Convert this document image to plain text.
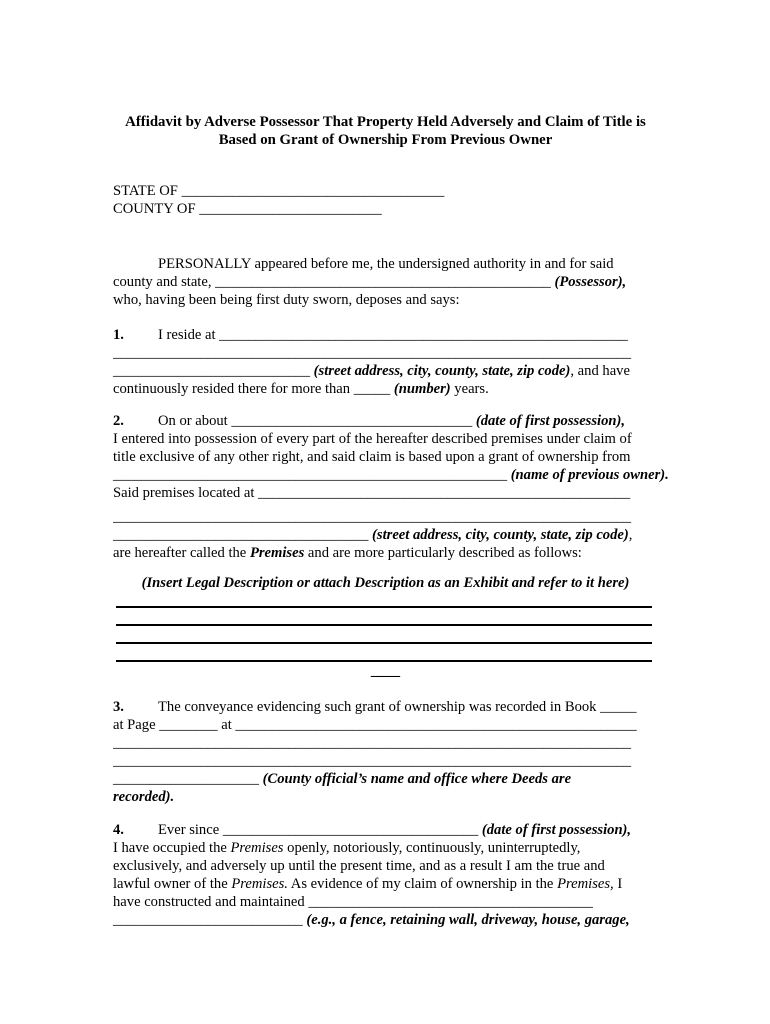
Affidavit by Adverse Possessor That Property Held Adversely and Claim of Title is
Based on Grant of Ownership From Previous Owner
STATE OF ____________________________________
COUNTY OF _________________________
PERSONALLY appeared before me, the undersigned authority in and for said
county and state, ______________________________________________ (Possessor),
who, having been being first duty sworn, deposes and says:
1. I reside at ________________________________________________________
_______________________________________________________________________
___________________________ (street address, city, county, state, zip code), and have
continuously resided there for more than _____ (number) years.
2. On or about _________________________________ (date of first possession),
I entered into possession of every part of the hereafter described premises under claim of
title exclusive of any other right, and said claim is based upon a grant of ownership from
______________________________________________________ (name of previous owner).
Said premises located at ___________________________________________________
_______________________________________________________________________
___________________________________ (street address, city, county, state, zip code),
are hereafter called the Premises and are more particularly described as follows:
(Insert Legal Description or attach Description as an Exhibit and refer to it here)
____
3. The conveyance evidencing such grant of ownership was recorded in Book _____
at Page ________ at _______________________________________________________
_______________________________________________________________________
_______________________________________________________________________
____________________ (County official’s name and office where Deeds are
recorded).
4. Ever since ___________________________________ (date of first possession),
I have occupied the Premises openly, notoriously, continuously, uninterruptedly,
exclusively, and adversely up until the present time, and as a result I am the true and
lawful owner of the Premises. As evidence of my claim of ownership in the Premises, I
have constructed and maintained _______________________________________
__________________________ (e.g., a fence, retaining wall, driveway, house, garage,
